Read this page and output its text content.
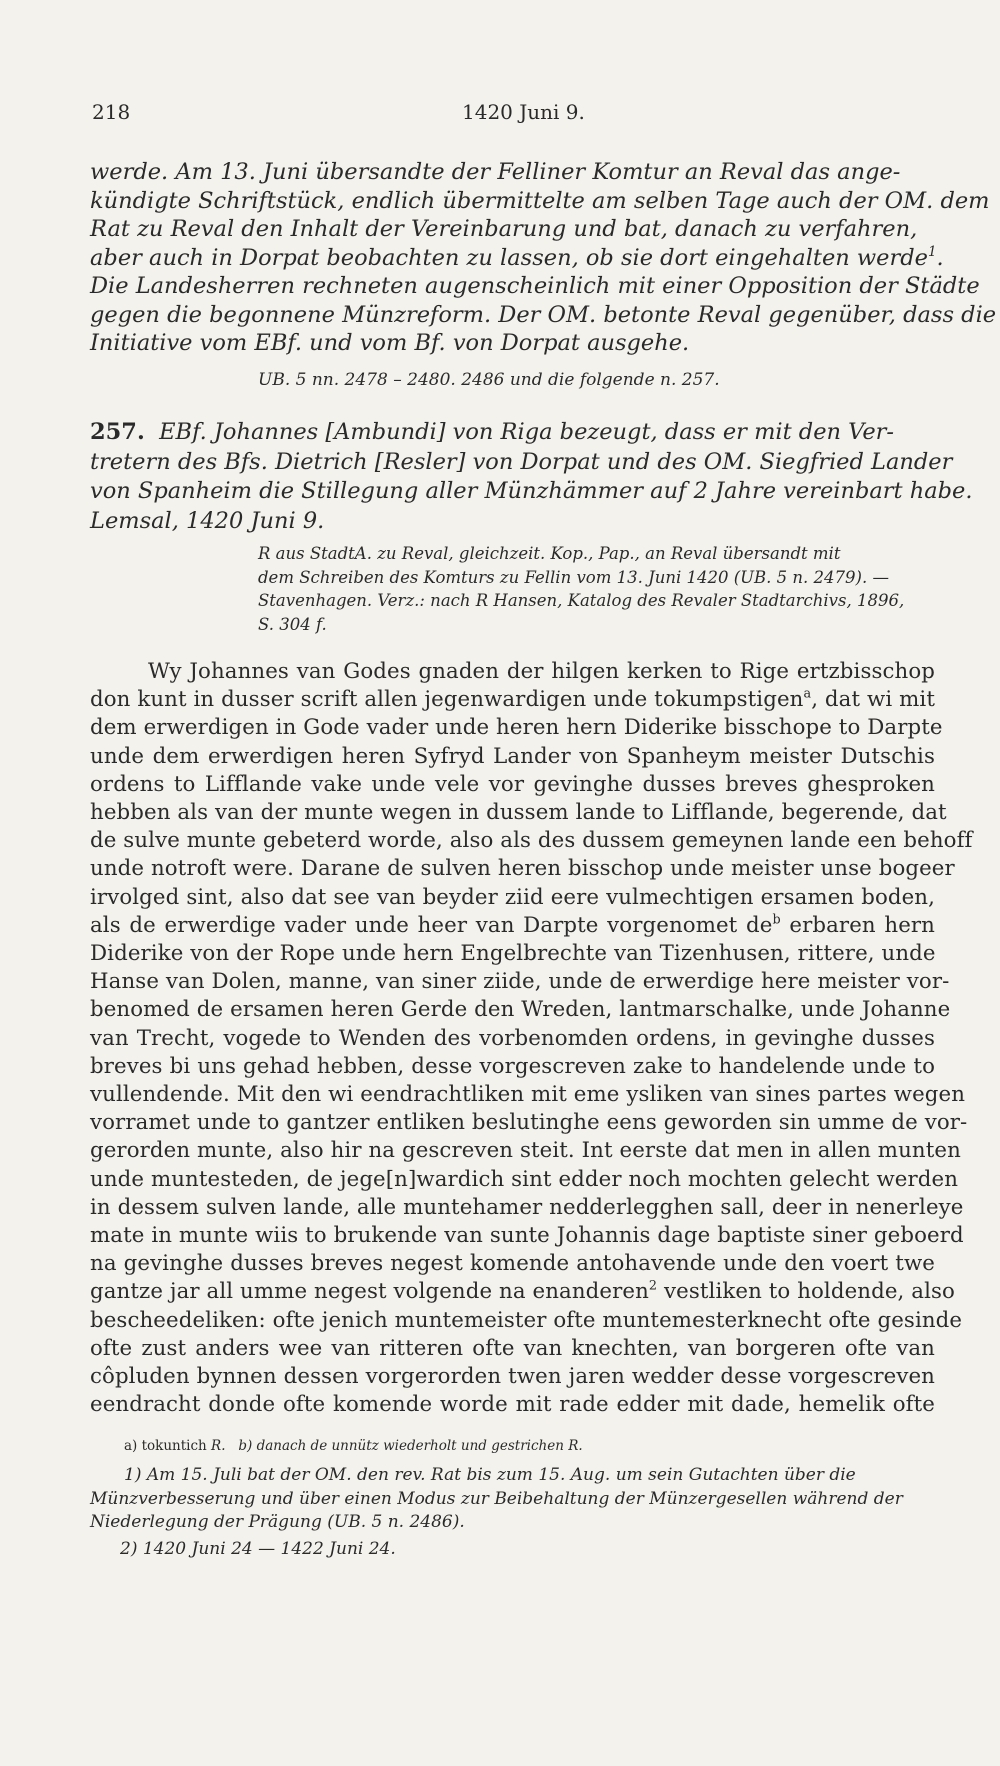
218	1420 Juni 9.
werde. Am 13. Juni übersandte der Felliner Komtur an Reval das ange-
kündigte Schriftstück, endlich übermittelte am selben Tage auch der OM. dem
Rat zu Reval den Inhalt der Vereinbarung und bat, danach zu verfahren,
aber auch in Dorpat beobachten zu lassen, ob sie dort eingehalten werde$^1$.
Die Landesherren rechneten augenscheinlich mit einer Opposition der Städte
gegen die begonnene Münzreform. Der OM. betonte Reval gegenüber, dass die
Initiative vom EBf. und vom Bf. von Dorpat ausgehe.
UB. 5 nn. 2478 – 2480. 2486 und die folgende n. 257.
257. EBf. Johannes [Ambundi] von Riga bezeugt, dass er mit den Ver-
tretern des Bfs. Dietrich [Resler] von Dorpat und des OM. Siegfried Lander
von Spanheim die Stillegung aller Münzhämmer auf 2 Jahre vereinbart habe.
Lemsal, 1420 Juni 9.
R aus StadtA. zu Reval, gleichzeit. Kop., Pap., an Reval übersandt mit
dem Schreiben des Komturs zu Fellin vom 13. Juni 1420 (UB. 5 n. 2479). —
Stavenhagen. Verz.: nach R Hansen, Katalog des Revaler Stadtarchivs, 1896,
S. 304 f.
Wy Johannes van Godes gnaden der hilgen kerken to Rige ertzbisschop
don kunt in dusser scrift allen jegenwardigen unde tokumpstigen$^a$, dat wi mit
dem erwerdigen in Gode vader unde heren hern Diderike bisschope to Darpte
unde dem erwerdigen heren Syfryd Lander von Spanheym meister Dutschis
ordens to Lifflande vake unde vele vor gevinghe dusses breves ghesproken
hebben als van der munte wegen in dussem lande to Lifflande, begerende, dat
de sulve munte gebeterd worde, also als des dussem gemeynen lande een behoff
unde notroft were. Darane de sulven heren bisschop unde meister unse bogeer
irvolged sint, also dat see van beyder ziid eere vulmechtigen ersamen boden,
als de erwerdige vader unde heer van Darpte vorgenomet $de^b$ erbaren hern
Diderike von der Rope unde hern Engelbrechte van Tizenhusen, rittere, unde
Hanse van Dolen, manne, van siner ziide, unde de erwerdige here meister vor-
benomed de ersamen heren Gerde den Wreden, lantmarschalke, unde Johanne
van Trecht, vogede to Wenden des vorbenomden ordens, in gevinghe dusses
breves bi uns gehad hebben, desse vorgescreven zake to handelende unde to
vullendende. Mit den wi eendrachtliken mit eme ysliken van sines partes wegen
vorramet unde to gantzer entliken beslutinghe eens geworden sin umme de vor-
gerorden munte, also hir na gescreven steit. Int eerste dat men in allen munten
unde muntesteden, de jege[n]wardich sint edder noch mochten gelecht werden
in dessem sulven lande, alle muntehamer nedderlegghen sall, deer in nenerleye
mate in munte wiis to brukende van sunte Johannis dage baptiste siner geboerd
na gevinghe dusses breves negest komende antohavende unde den voert twe
gantze jar all umme negest volgende na enanderen$^2$ vestliken to holdende, also
bescheedeliken: ofte jenich muntemeister ofte muntemesterknecht ofte gesinde
ofte zust anders wee van ritteren ofte van knechten, van borgeren ofte van
côpluden bynnen dessen vorgerorden twen jaren wedder desse vorgescreven
eendracht donde ofte komende worde mit rade edder mit dade, hemelik ofte
a) tokuntich R. b) danach de unnütz wiederholt und gestrichen R.
1) Am 15. Juli bat der OM. den rev. Rat bis zum 15. Aug. um sein Gutachten über die
Münzverbesserung und über einen Modus zur Beibehaltung der Münzergesellen während der
Niederlegung der Prägung (UB. 5 n. 2486).
2) 1420 Juni 24 — 1422 Juni 24.
